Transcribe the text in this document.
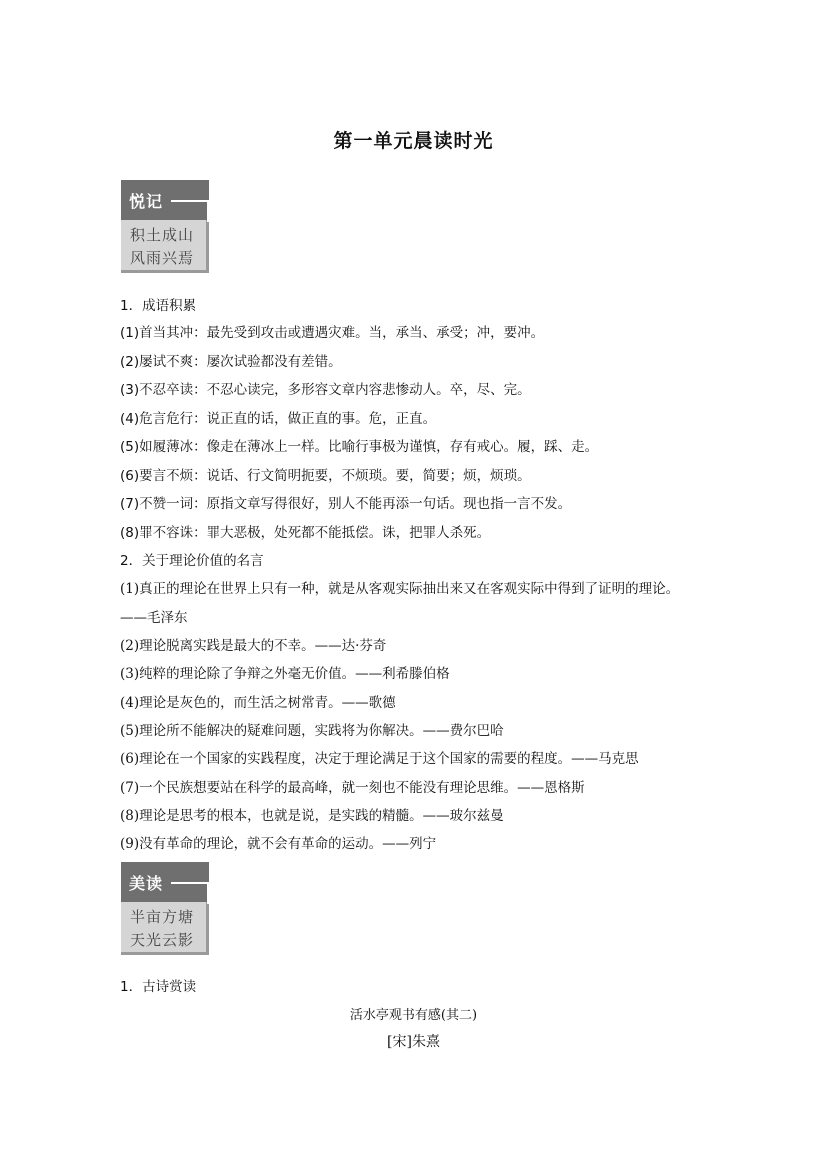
第一单元晨读时光
悦记
积土成山
风雨兴焉
1．成语积累
(1)首当其冲：最先受到攻击或遭遇灾难。当，承当、承受；冲，要冲。
(2)屡试不爽：屡次试验都没有差错。
(3)不忍卒读：不忍心读完，多形容文章内容悲惨动人。卒，尽、完。
(4)危言危行：说正直的话，做正直的事。危，正直。
(5)如履薄冰：像走在薄冰上一样。比喻行事极为谨慎，存有戒心。履，踩、走。
(6)要言不烦：说话、行文简明扼要，不烦琐。要，简要；烦，烦琐。
(7)不赞一词：原指文章写得很好，别人不能再添一句话。现也指一言不发。
(8)罪不容诛：罪大恶极，处死都不能抵偿。诛，把罪人杀死。
2．关于理论价值的名言
(1)真正的理论在世界上只有一种，就是从客观实际抽出来又在客观实际中得到了证明的理论。
——毛泽东
(2)理论脱离实践是最大的不幸。——达·芬奇
(3)纯粹的理论除了争辩之外毫无价值。——利希滕伯格
(4)理论是灰色的，而生活之树常青。——歌德
(5)理论所不能解决的疑难问题，实践将为你解决。——费尔巴哈
(6)理论在一个国家的实践程度，决定于理论满足于这个国家的需要的程度。——马克思
(7)一个民族想要站在科学的最高峰，就一刻也不能没有理论思维。——恩格斯
(8)理论是思考的根本，也就是说，是实践的精髓。——玻尔兹曼
(9)没有革命的理论，就不会有革命的运动。——列宁
美读
半亩方塘
天光云影
1．古诗赏读
活水亭观书有感(其二)
[宋]朱熹
